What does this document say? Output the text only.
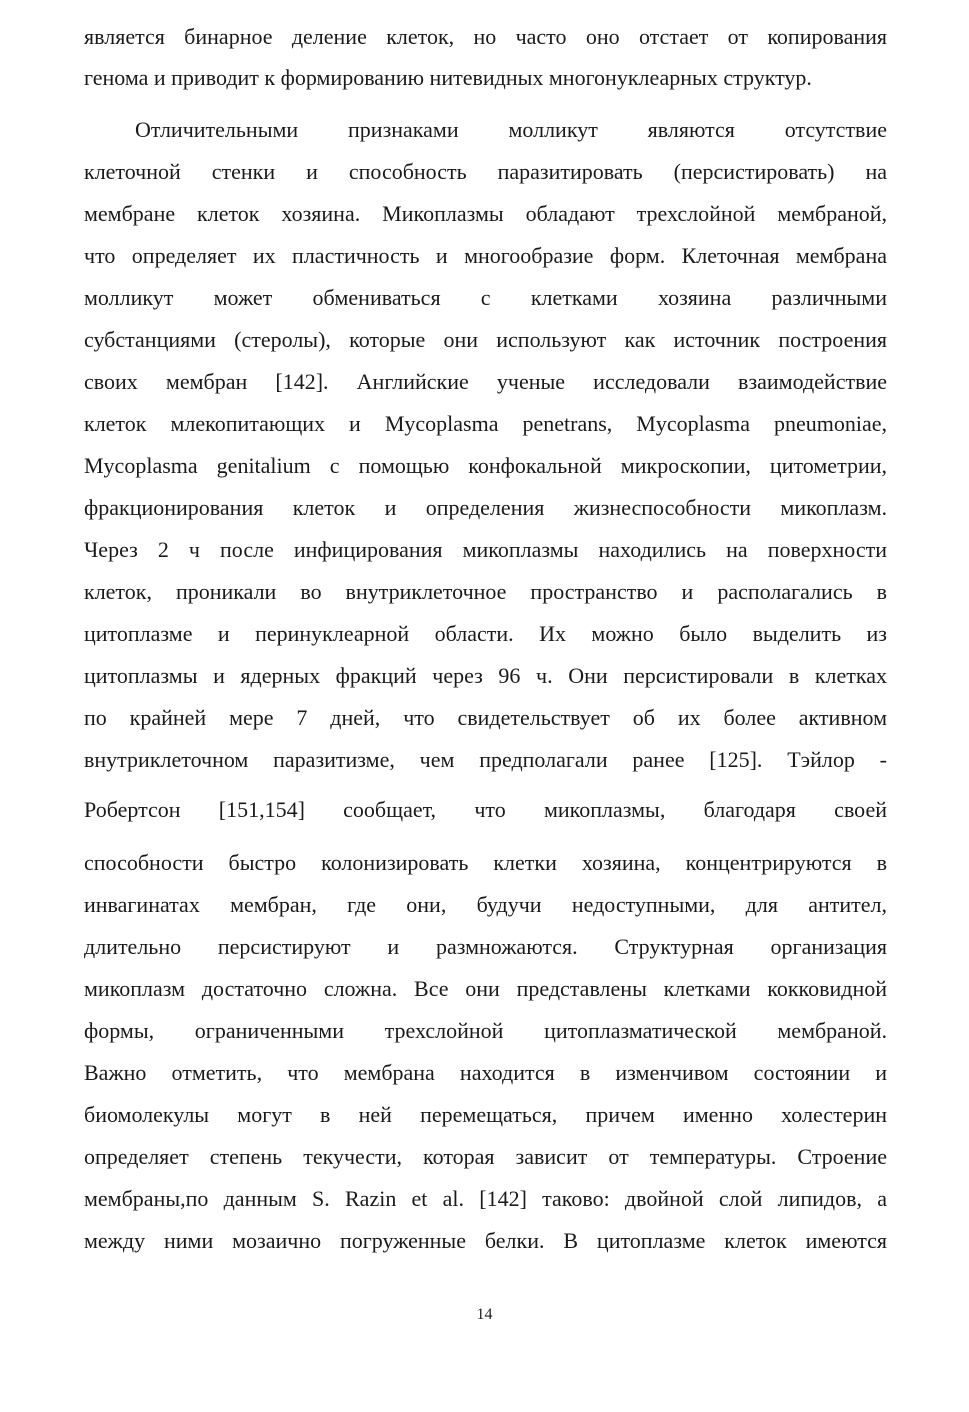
является бинарное деление клеток, но часто оно отстает от копирования
генома и приводит к формированию нитевидных многонуклеарных структур.
Отличительными признаками молликут являются отсутствие
клеточной стенки и способность паразитировать (персистировать) на
мембране клеток хозяина. Микоплазмы обладают трехслойной мембраной,
что определяет их пластичность и многообразие форм. Клеточная мембрана
молликут может обмениваться с клетками хозяина различными
субстанциями (стеролы), которые они используют как источник построения
своих мембран [142]. Английские ученые исследовали взаимодействие
клеток млекопитающих и Mycoplasma penetrans, Mycoplasma pneumoniae,
Mycoplasma genitalium с помощью конфокальной микроскопии, цитометрии,
фракционирования клеток и определения жизнеспособности микоплазм.
Через 2 ч после инфицирования микоплазмы находились на поверхности
клеток, проникали во внутриклеточное пространство и располагались в
цитоплазме и перинуклеарной области. Их можно было выделить из
цитоплазмы и ядерных фракций через 96 ч. Они персистировали в клетках
по крайней мере 7 дней, что свидетельствует об их более активном
внутриклеточном паразитизме, чем предполагали ранее [125]. Тэйлор -
Робертсон [151,154] сообщает, что микоплазмы, благодаря своей
способности быстро колонизировать клетки хозяина, концентрируются в
инвагинатах мембран, где они, будучи недоступными, для антител,
длительно персистируют и размножаются. Структурная организация
микоплазм достаточно сложна. Все они представлены клетками кокковидной
формы, ограниченными трехслойной цитоплазматической мембраной.
Важно отметить, что мембрана находится в изменчивом состоянии и
биомолекулы могут в ней перемещаться, причем именно холестерин
определяет степень текучести, которая зависит от температуры. Строение
мембраны,по данным S. Razin et al. [142] таково: двойной слой липидов, а
между ними мозаично погруженные белки. В цитоплазме клеток имеются
14
